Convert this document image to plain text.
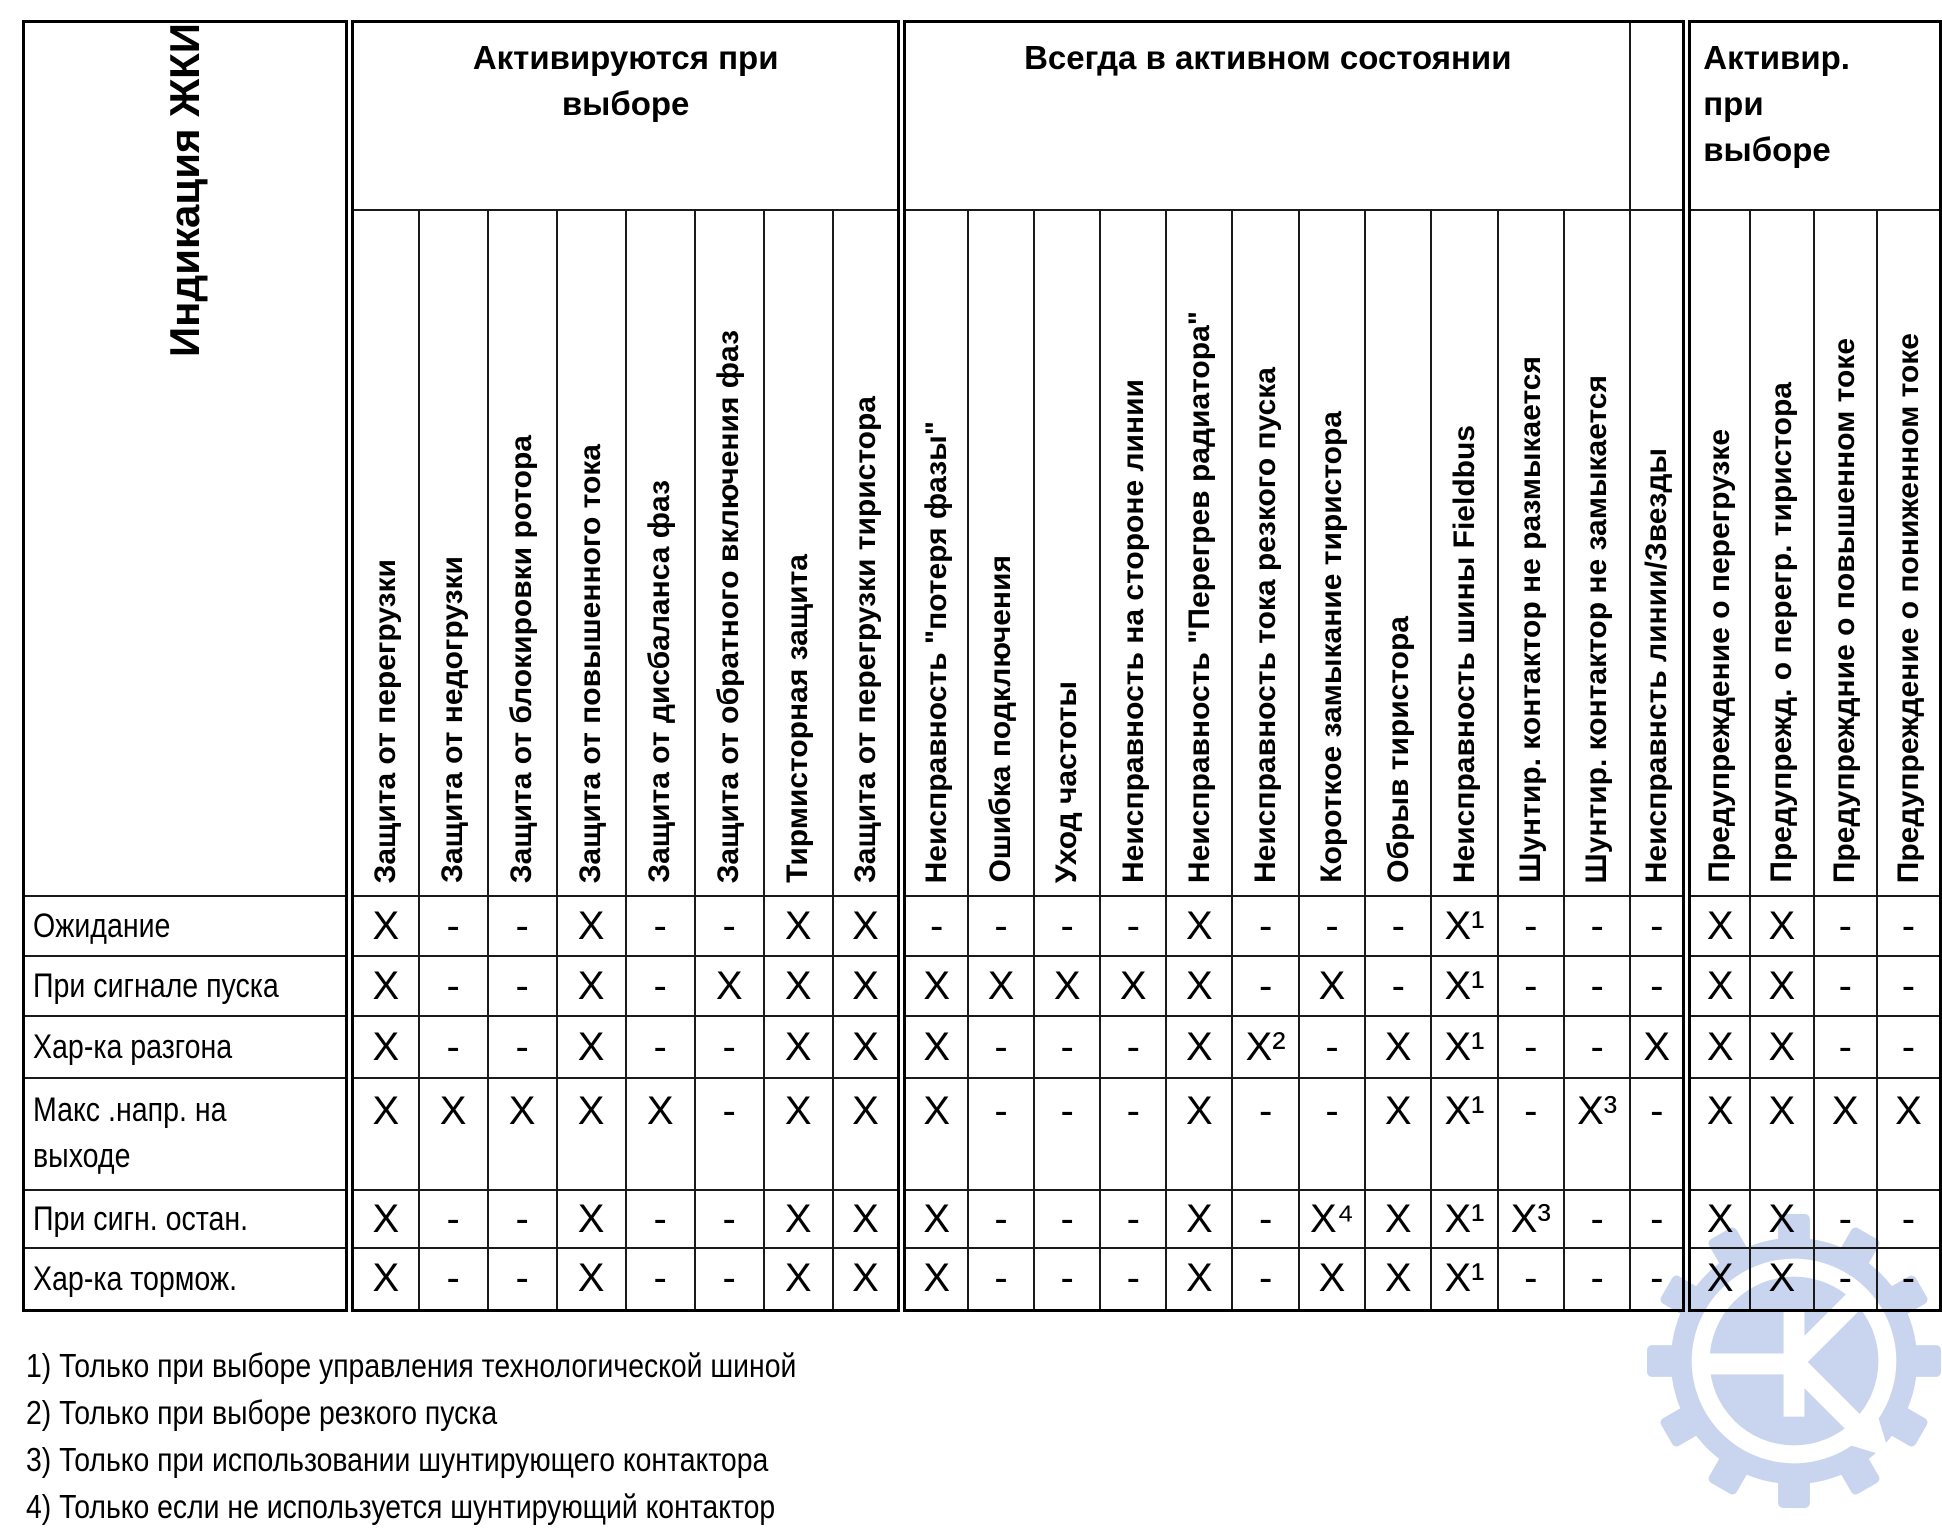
Индикация ЖКИ	Активируются при
выборе								Всегда в активном состоянии												Активир.
при
выборе			

	Защита от перегрузки	Защита от недогрузки	Защита от блокировки ротора	Защита от повышенного тока	Защита от дисбаланса фаз	Защита от обратного включения фаз	Тирмисторная защита	Защита от перегрузки тиристора	Неисправность "потеря фазы"	Ошибка подключения	Уход частоты	Неисправность на стороне линии	Неисправность "Перегрев радиатора"	Неисправность тока резкого пуска	Короткое замыкание тиристора	Обрыв тиристора	Неисправность шины Fieldbus	Шунтир. контактор не размыкается	Шунтир. контактор не замыкается	Неисправнсть линии/Звезды	Предупреждение о перегрузке	Предупрежд. о перегр. тиристора	Предупреждние о повышенном токе	Предупреждение о пониженном токе

Ожидание	X	-	-	X	-	-	X	X	-	-	-	-	X	-	-	-	X¹	-	-	-	X	X	-	-
При сигнале пуска	X	-	-	X	-	X	X	X	X	X	X	X	X	-	X	-	X¹	-	-	-	X	X	-	-
Хар-ка разгона	X	-	-	X	-	-	X	X	X	-	-	-	X	X²	-	X	X¹	-	-	X	X	X	-	-
Макс .напр. на выходе	X	X	X	X	X	-	X	X	X	-	-	-	X	-	-	X	X¹	-	X³	-	X	X	X	X
При сигн. остан.	X	-	-	X	-	-	X	X	X	-	-	-	X	-	X⁴	X	X¹	X³	-	-	X	X	-	-
Хар-ка тормож.	X	-	-	X	-	-	X	X	X	-	-	-	X	-	X	X	X¹	-	-	-	X	X	-	-
1) Только при выборе управления технологической шиной
2) Только при выборе резкого пуска
3) Только при использовании шунтирующего контактора
4) Только если не используется шунтирующий контактор
